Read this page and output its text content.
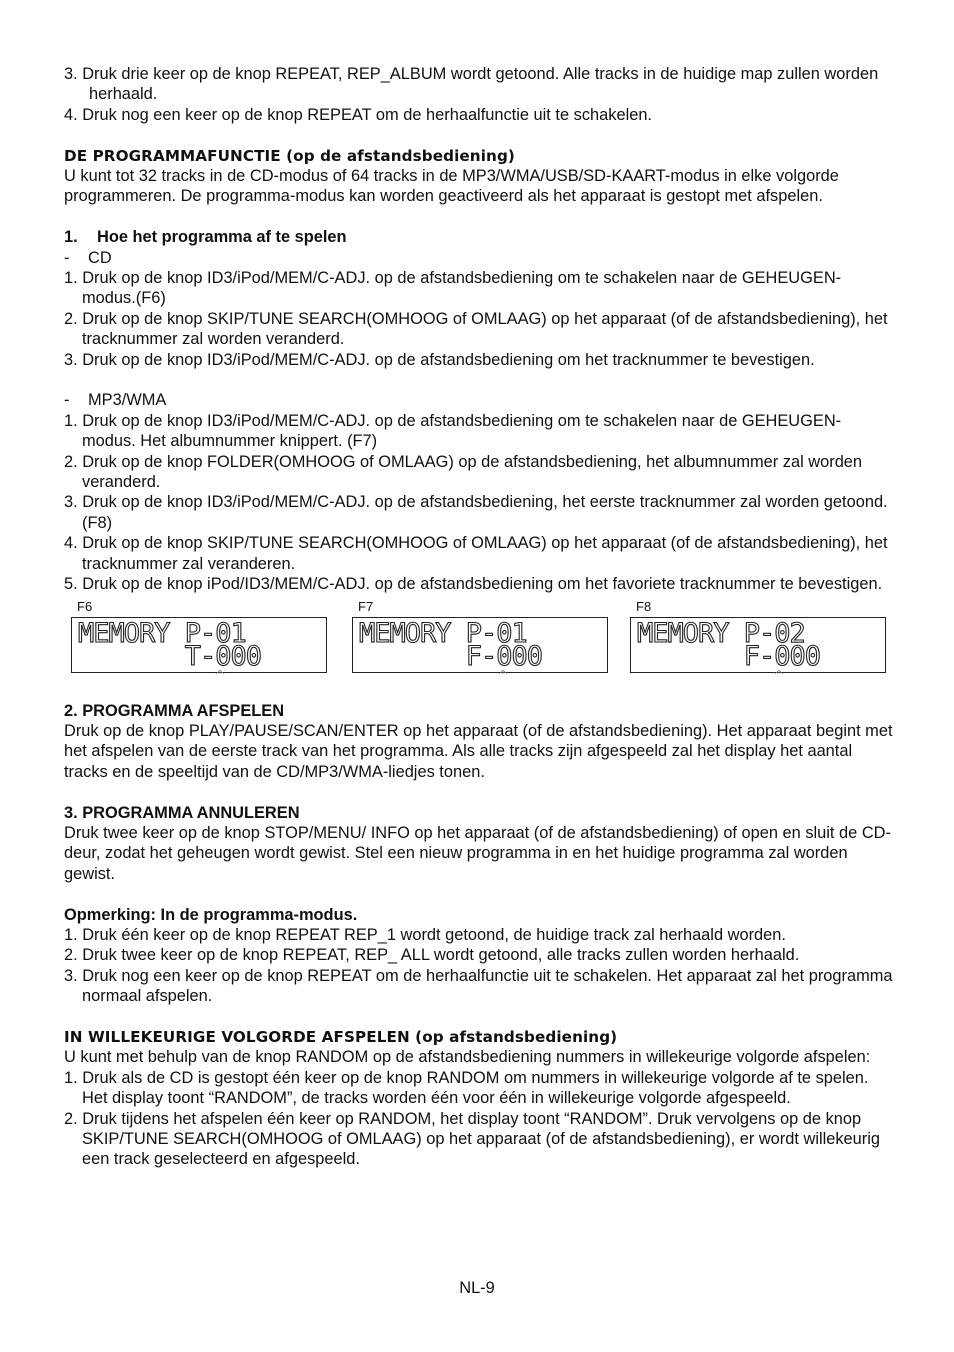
3. Druk drie keer op de knop REPEAT, REP_ALBUM wordt getoond. Alle tracks in de huidige map zullen worden herhaald.

4. Druk nog een keer op de knop REPEAT om de herhaalfunctie uit te schakelen.

DE PROGRAMMAFUNCTIE (op de afstandsbediening)

U kunt tot 32 tracks in de CD-modus of 64 tracks in de MP3/WMA/USB/SD-KAART-modus in elke volgorde programmeren. De programma-modus kan worden geactiveerd als het apparaat is gestopt met afspelen.

1. Hoe het programma af te spelen

- CD

1. Druk op de knop ID3/iPod/MEM/C-ADJ. op de afstandsbediening om te schakelen naar de GEHEUGEN-modus.(F6)

2. Druk op de knop SKIP/TUNE SEARCH(OMHOOG of OMLAAG) op het apparaat (of de afstandsbediening), het tracknummer zal worden veranderd.

3. Druk op de knop ID3/iPod/MEM/C-ADJ. op de afstandsbediening om het tracknummer te bevestigen.

- MP3/WMA

1. Druk op de knop ID3/iPod/MEM/C-ADJ. op de afstandsbediening om te schakelen naar de GEHEUGEN-modus. Het albumnummer knippert. (F7)

2. Druk op de knop FOLDER(OMHOOG of OMLAAG) op de afstandsbediening, het albumnummer zal worden veranderd.

3. Druk op de knop ID3/iPod/MEM/C-ADJ. op de afstandsbediening, het eerste tracknummer zal worden getoond.(F8)

4. Druk op de knop SKIP/TUNE SEARCH(OMHOOG of OMLAAG) op het apparaat (of de afstandsbediening), het tracknummer zal veranderen.

5. Druk op de knop iPod/ID3/MEM/C-ADJ. op de afstandsbediening om het favoriete tracknummer te bevestigen.

F6
MEMORY P-01
T-000
F7
MEMORY P-01
F-000
F8
MEMORY P-02
F-000

2. PROGRAMMA AFSPELEN

Druk op de knop PLAY/PAUSE/SCAN/ENTER op het apparaat (of de afstandsbediening). Het apparaat begint met het afspelen van de eerste track van het programma. Als alle tracks zijn afgespeeld zal het display het aantal tracks en de speeltijd van de CD/MP3/WMA-liedjes tonen.

3. PROGRAMMA ANNULEREN

Druk twee keer op de knop STOP/MENU/ INFO op het apparaat (of de afstandsbediening) of open en sluit de CD-deur, zodat het geheugen wordt gewist. Stel een nieuw programma in en het huidige programma zal worden gewist.

Opmerking: In de programma-modus.

1. Druk één keer op de knop REPEAT REP_1 wordt getoond, de huidige track zal herhaald worden.

2. Druk twee keer op de knop REPEAT, REP_ ALL wordt getoond, alle tracks zullen worden herhaald.

3. Druk nog een keer op de knop REPEAT om de herhaalfunctie uit te schakelen. Het apparaat zal het programma normaal afspelen.

IN WILLEKEURIGE VOLGORDE AFSPELEN (op afstandsbediening)

U kunt met behulp van de knop RANDOM op de afstandsbediening nummers in willekeurige volgorde afspelen:

1. Druk als de CD is gestopt één keer op de knop RANDOM om nummers in willekeurige volgorde af te spelen. Het display toont “RANDOM”, de tracks worden één voor één in willekeurige volgorde afgespeeld.

2. Druk tijdens het afspelen één keer op RANDOM, het display toont “RANDOM”. Druk vervolgens op de knop SKIP/TUNE SEARCH(OMHOOG of OMLAAG) op het apparaat (of de afstandsbediening), er wordt willekeurig een track geselecteerd en afgespeeld.

NL-9
